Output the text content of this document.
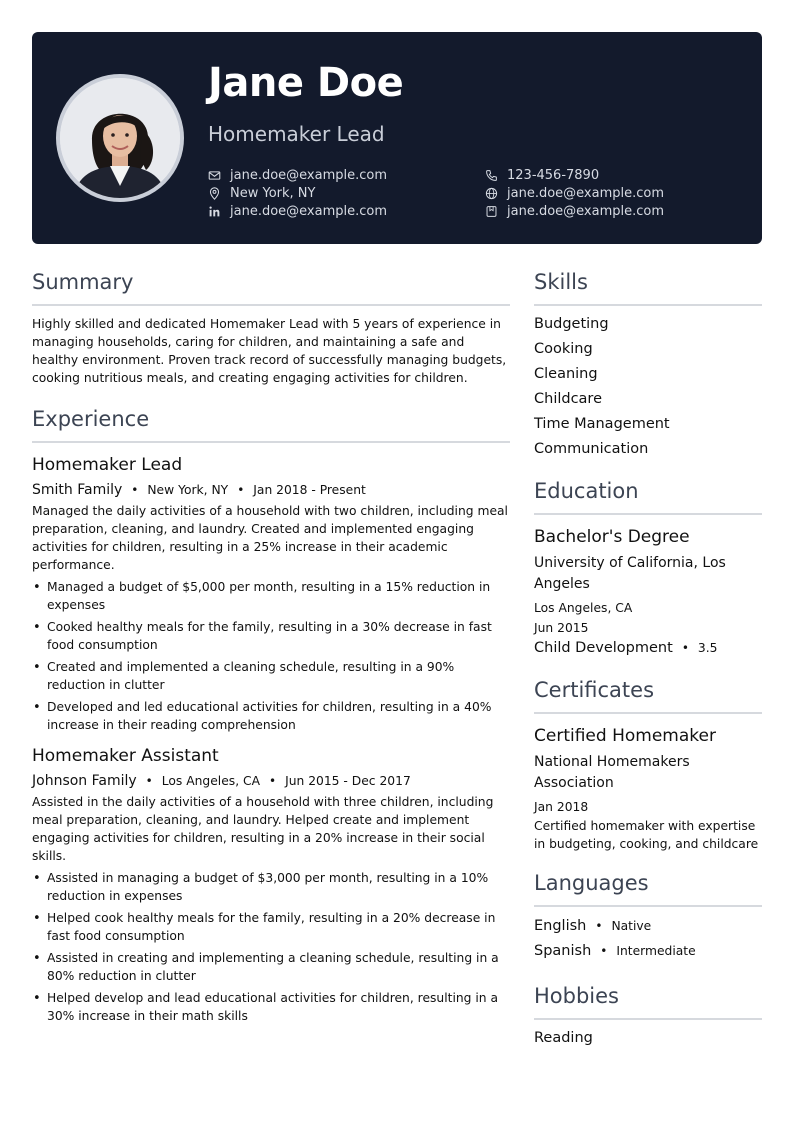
Jane Doe
Homemaker Lead
jane.doe@example.com	123-456-7890
New York, NY	jane.doe@example.com
jane.doe@example.com	jane.doe@example.com
Summary
Highly skilled and dedicated Homemaker Lead with 5 years of experience in managing households, caring for children, and maintaining a safe and healthy environment. Proven track record of successfully managing budgets, cooking nutritious meals, and creating engaging activities for children.
Experience
Homemaker Lead
Smith Family • New York, NY • Jan 2018 - Present
Managed the daily activities of a household with two children, including meal preparation, cleaning, and laundry. Created and implemented engaging activities for children, resulting in a 25% increase in their academic performance.
• Managed a budget of $5,000 per month, resulting in a 15% reduction in expenses
• Cooked healthy meals for the family, resulting in a 30% decrease in fast food consumption
• Created and implemented a cleaning schedule, resulting in a 90% reduction in clutter
• Developed and led educational activities for children, resulting in a 40% increase in their reading comprehension
Homemaker Assistant
Johnson Family • Los Angeles, CA • Jun 2015 - Dec 2017
Assisted in the daily activities of a household with three children, including meal preparation, cleaning, and laundry. Helped create and implement engaging activities for children, resulting in a 20% increase in their social skills.
• Assisted in managing a budget of $3,000 per month, resulting in a 10% reduction in expenses
• Helped cook healthy meals for the family, resulting in a 20% decrease in fast food consumption
• Assisted in creating and implementing a cleaning schedule, resulting in a 80% reduction in clutter
• Helped develop and lead educational activities for children, resulting in a 30% increase in their math skills
Skills
Budgeting
Cooking
Cleaning
Childcare
Time Management
Communication
Education
Bachelor's Degree
University of California, Los Angeles
Los Angeles, CA
Jun 2015
Child Development • 3.5
Certificates
Certified Homemaker
National Homemakers Association
Jan 2018
Certified homemaker with expertise in budgeting, cooking, and childcare
Languages
English • Native
Spanish • Intermediate
Hobbies
Reading
